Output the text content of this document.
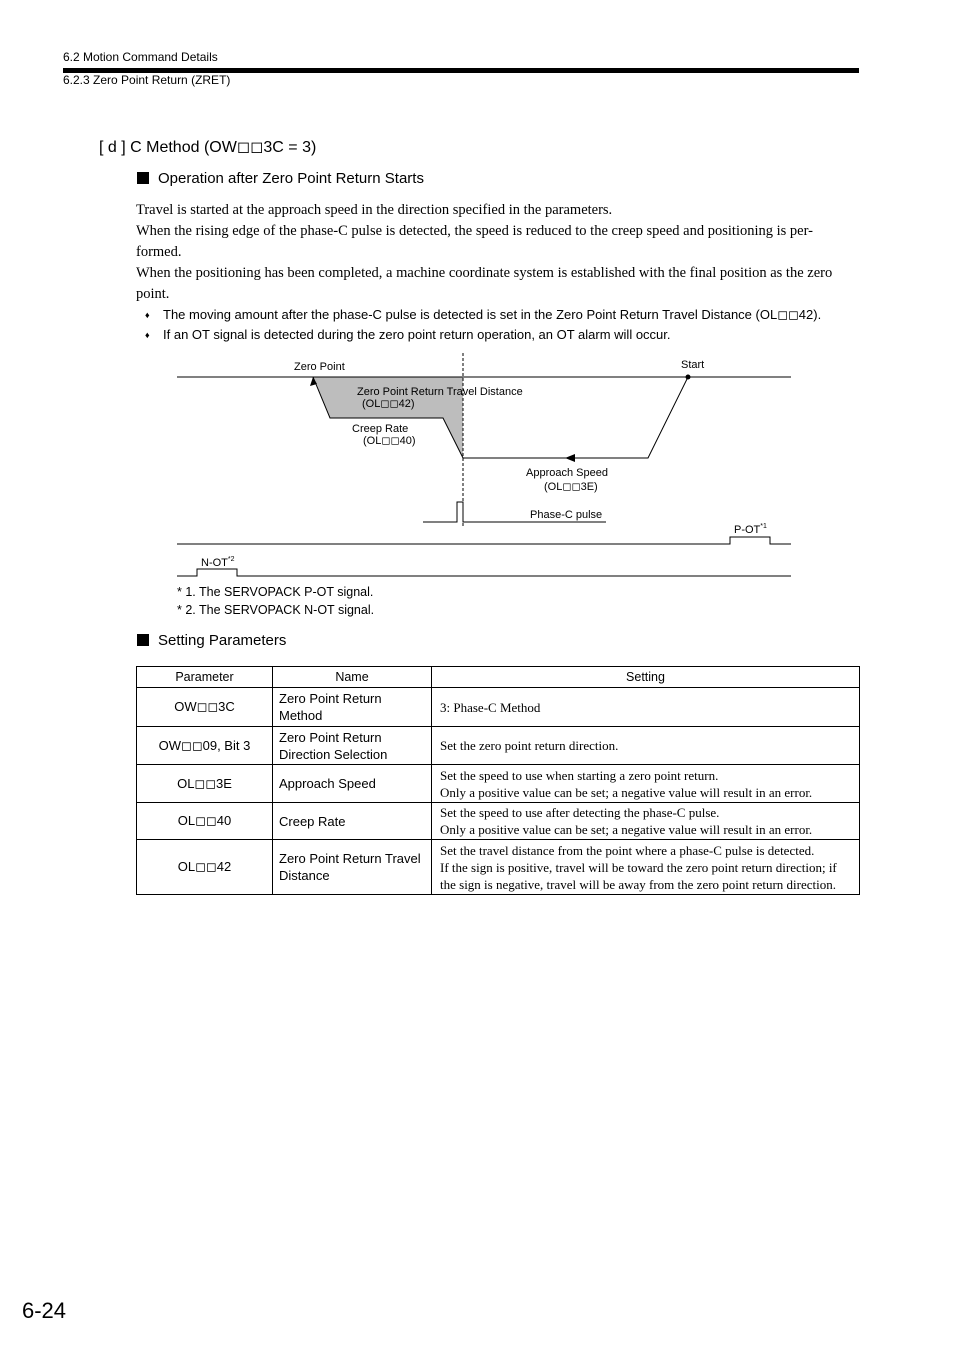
6.2 Motion Command Details
6.2.3 Zero Point Return (ZRET)
[ d ] C Method (OW◻◻3C = 3)
Operation after Zero Point Return Starts

Travel is started at the approach speed in the direction specified in the parameters.

When the rising edge of the phase-C pulse is detected, the speed is reduced to the creep speed and positioning is per-formed.

When the positioning has been completed, a machine coordinate system is established with the final position as the zero point.

♦ The moving amount after the phase-C pulse is detected is set in the Zero Point Return Travel Distance (OL◻◻42).
♦ If an OT signal is detected during the zero point return operation, an OT alarm will occur.
Zero Point	Start
Zero Point Return Travel Distance
(OL◻◻42)
Creep Rate
(OL◻◻40)
Approach Speed
(OL◻◻3E)
Phase-C pulse
P-OT$^{*1}$
N-OT$^{*2}$
* 1. The SERVOPACK P-OT signal.
* 2. The SERVOPACK N-OT signal.
Setting Parameters
Parameter	Name	Setting
OW◻◻3C	Zero Point Return Method	3: Phase-C Method

OW◻◻09, Bit 3	Zero Point Return Direction Selection	Set the zero point return direction.

OL◻◻3E	Approach Speed	Set the speed to use when starting a zero point return.
Only a positive value can be set; a negative value will result in an error.

OL◻◻40	Creep Rate	Set the speed to use after detecting the phase-C pulse.
Only a positive value can be set; a negative value will result in an error.

OL◻◻42	Zero Point Return Travel Distance	Set the travel distance from the point where a phase-C pulse is detected.
If the sign is positive, travel will be toward the zero point return direction; if the sign is negative, travel will be away from the zero point return direction.
6-24
